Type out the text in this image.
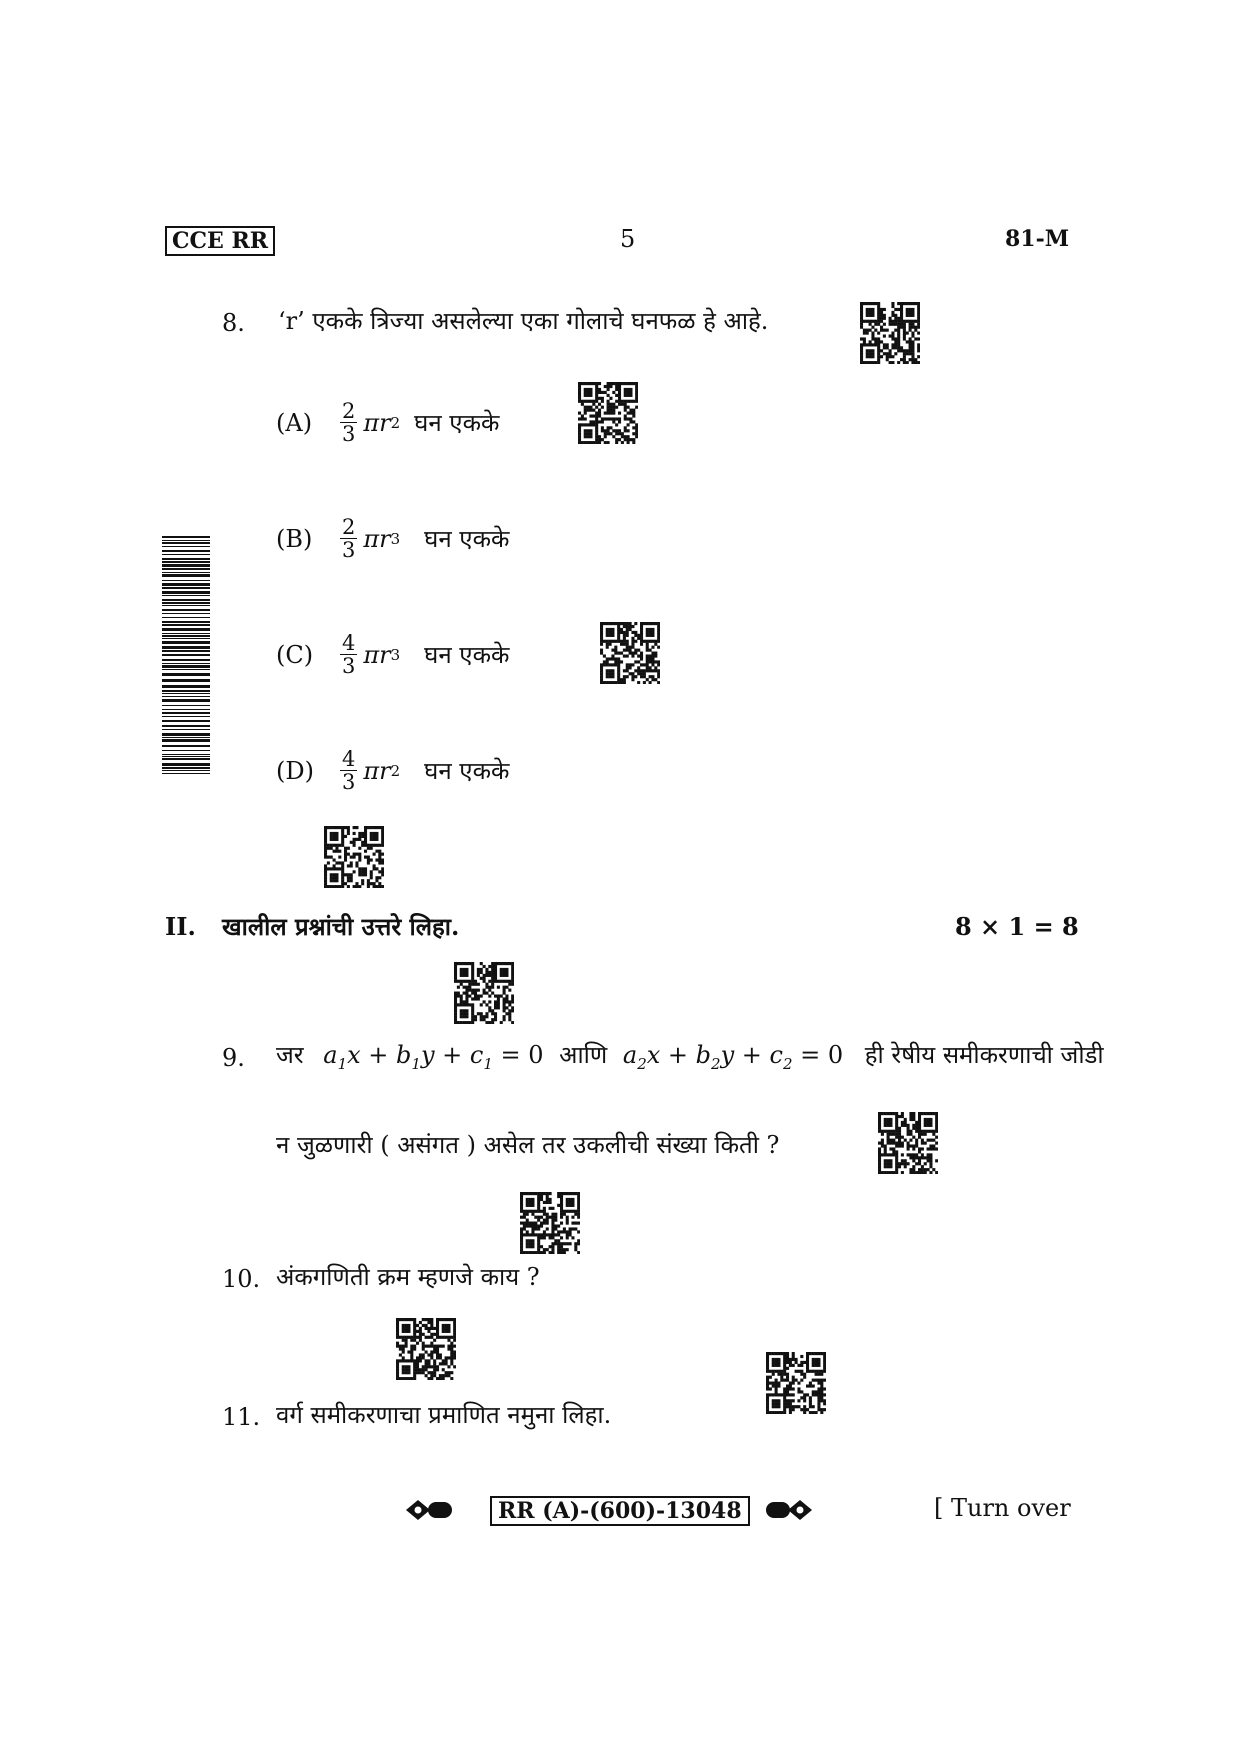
CCE RR	5	81-M
8. ‘r’ एकके त्रिज्या असलेल्या एका गोलाचे घनफळ हे आहे.
(A)	$\frac{2}{3}$ πr 2 घन एकके
(B)	$\frac{2}{3}$ πr 3 घन एकके
(C)	$\frac{4}{3}$ πr 3 घन एकके
(D)	$\frac{4}{3}$ πr 2 घन एकके
II. खालील प्रश्नांची उत्तरे लिहा.	8 × 1 = 8
9. जर $a_1x + b_1y + c_1 = 0$ आणि $a_2x + b_2y + c_2 = 0$ ही रेषीय समीकरणाची जोडी
न जुळणारी ( असंगत ) असेल तर उकलीची संख्या किती ?
10. अंकगणिती क्रम म्हणजे काय ?
11. वर्ग समीकरणाचा प्रमाणित नमुना लिहा.
RR (A)-(600)-13048	[ Turn over
